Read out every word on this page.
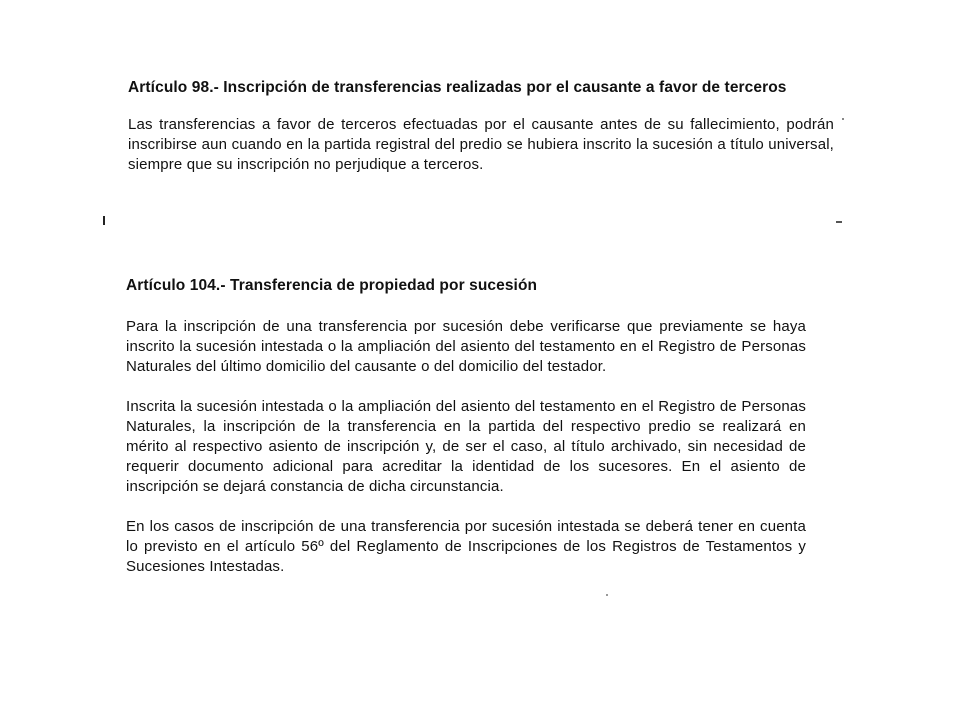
Artículo 98.- Inscripción de transferencias realizadas por el causante a favor de terceros

Las transferencias a favor de terceros efectuadas por el causante antes de su fallecimiento, podrán inscribirse aun cuando en la partida registral del predio se hubiera inscrito la sucesión a título universal, siempre que su inscripción no perjudique a terceros.

Artículo 104.- Transferencia de propiedad por sucesión

Para la inscripción de una transferencia por sucesión debe verificarse que previamente se haya inscrito la sucesión intestada o la ampliación del asiento del testamento en el Registro de Personas Naturales del último domicilio del causante o del domicilio del testador.

Inscrita la sucesión intestada o la ampliación del asiento del testamento en el Registro de Personas Naturales, la inscripción de la transferencia en la partida del respectivo predio se realizará en mérito al respectivo asiento de inscripción y, de ser el caso, al título archivado, sin necesidad de requerir documento adicional para acreditar la identidad de los sucesores. En el asiento de inscripción se dejará constancia de dicha circunstancia.

En los casos de inscripción de una transferencia por sucesión intestada se deberá tener en cuenta lo previsto en el artículo 56º del Reglamento de Inscripciones de los Registros de Testamentos y Sucesiones Intestadas.
